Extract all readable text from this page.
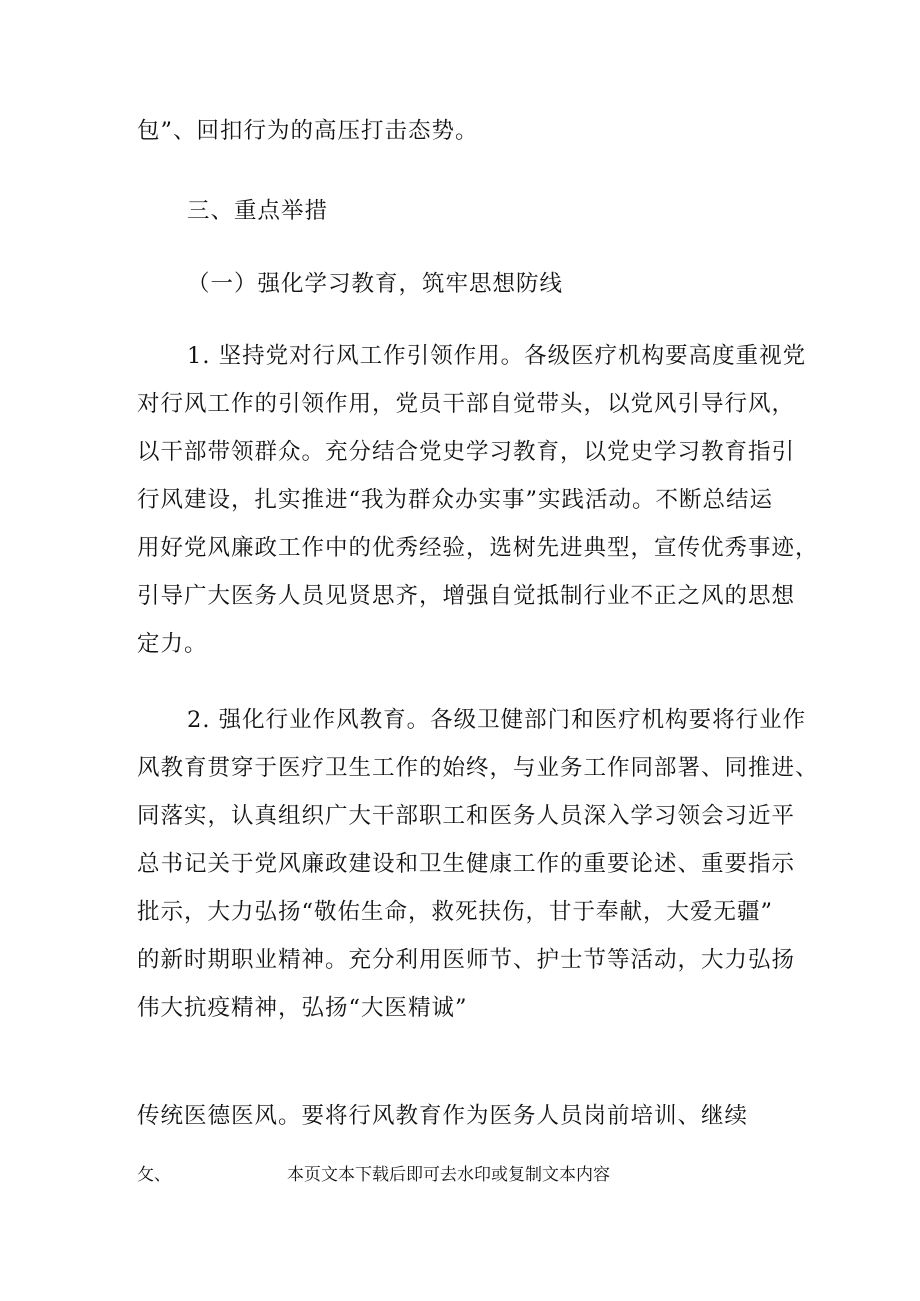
包”、回扣行为的高压打击态势。
三、重点举措
（一）强化学习教育，筑牢思想防线
1. 坚持党对行风工作引领作用。各级医疗机构要高度重视党
对行风工作的引领作用，党员干部自觉带头，以党风引导行风，
以干部带领群众。充分结合党史学习教育，以党史学习教育指引
行风建设，扎实推进“我为群众办实事”实践活动。不断总结运
用好党风廉政工作中的优秀经验，选树先进典型，宣传优秀事迹，
引导广大医务人员见贤思齐，增强自觉抵制行业不正之风的思想
定力。
2. 强化行业作风教育。各级卫健部门和医疗机构要将行业作
风教育贯穿于医疗卫生工作的始终，与业务工作同部署、同推进、
同落实，认真组织广大干部职工和医务人员深入学习领会习近平
总书记关于党风廉政建设和卫生健康工作的重要论述、重要指示
批示，大力弘扬“敬佑生命，救死扶伤，甘于奉献，大爱无疆”
的新时期职业精神。充分利用医师节、护士节等活动，大力弘扬
伟大抗疫精神，弘扬“大医精诚”
传统医德医风。要将行风教育作为医务人员岗前培训、继续
攵、	本页文本下载后即可去水印或复制文本内容
